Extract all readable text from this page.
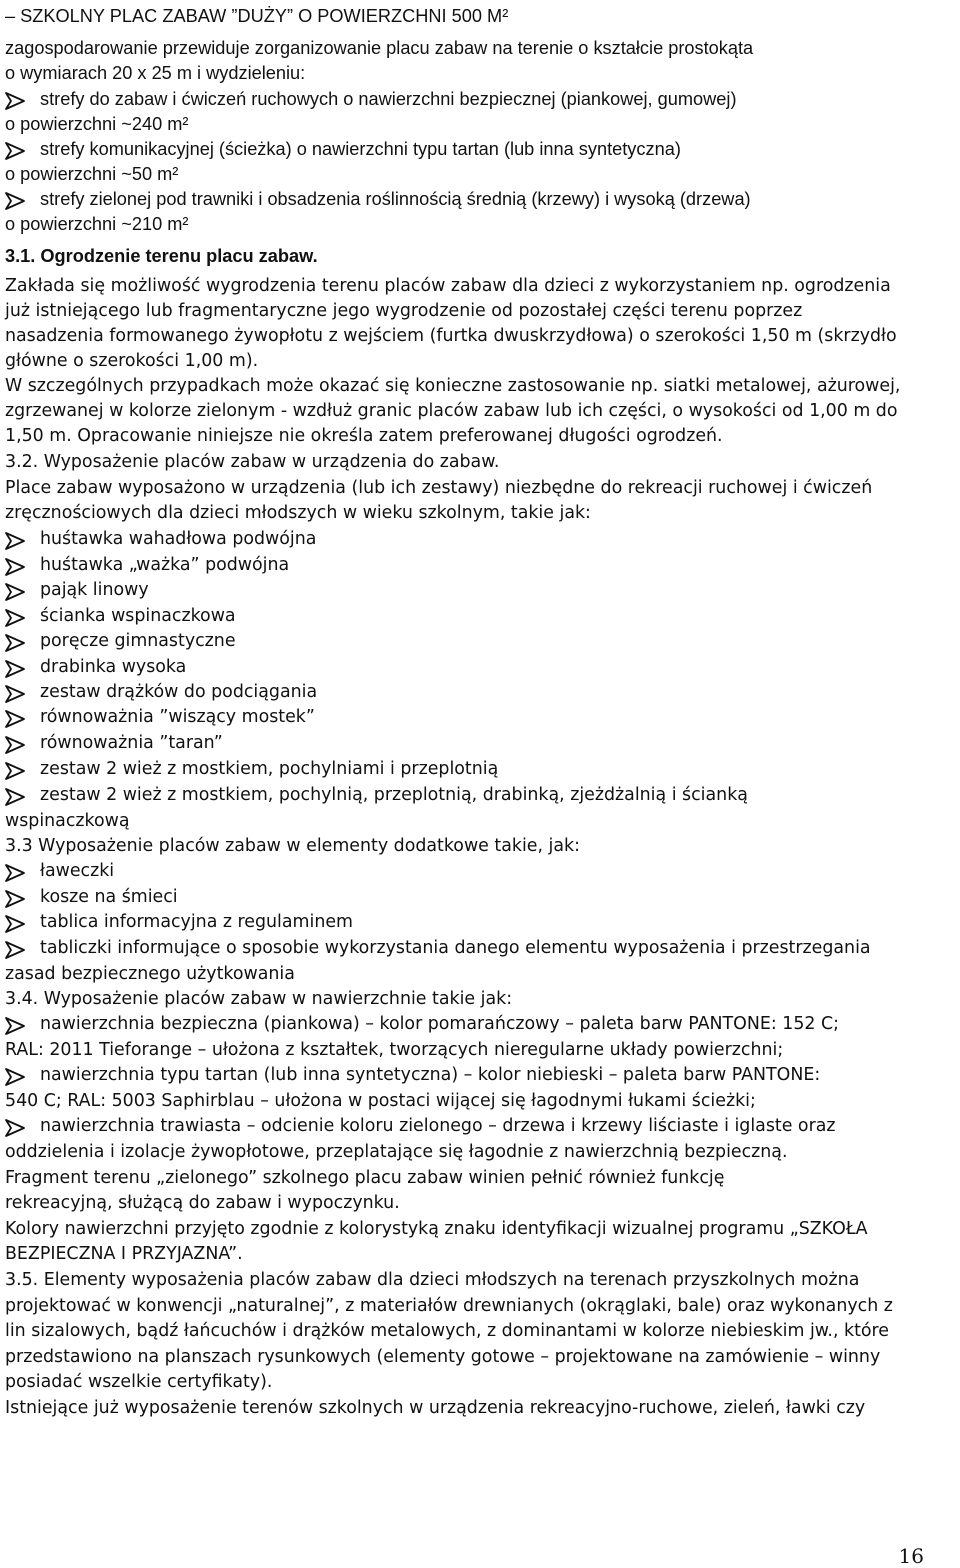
– SZKOLNY PLAC ZABAW ”DUŻY” O POWIERZCHNI 500 M²
zagospodarowanie przewiduje zorganizowanie placu zabaw na terenie o kształcie prostokąta
o wymiarach 20 x 25 m i wydzieleniu:
strefy do zabaw i ćwiczeń ruchowych o nawierzchni bezpiecznej (piankowej, gumowej)
o powierzchni ~240 m²
strefy komunikacyjnej (ścieżka) o nawierzchni typu tartan (lub inna syntetyczna)
o powierzchni ~50 m²
strefy zielonej pod trawniki i obsadzenia roślinnością średnią (krzewy) i wysoką (drzewa)
o powierzchni ~210 m²
3.1. Ogrodzenie terenu placu zabaw.
Zakłada się możliwość wygrodzenia terenu placów zabaw dla dzieci z wykorzystaniem np. ogrodzenia
już istniejącego lub fragmentaryczne jego wygrodzenie od pozostałej części terenu poprzez
nasadzenia formowanego żywopłotu z wejściem (furtka dwuskrzydłowa) o szerokości 1,50 m (skrzydło
główne o szerokości 1,00 m).
W szczególnych przypadkach może okazać się konieczne zastosowanie np. siatki metalowej, ażurowej,
zgrzewanej w kolorze zielonym - wzdłuż granic placów zabaw lub ich części, o wysokości od 1,00 m do
1,50 m. Opracowanie niniejsze nie określa zatem preferowanej długości ogrodzeń.
3.2. Wyposażenie placów zabaw w urządzenia do zabaw.
Place zabaw wyposażono w urządzenia (lub ich zestawy) niezbędne do rekreacji ruchowej i ćwiczeń
zręcznościowych dla dzieci młodszych w wieku szkolnym, takie jak:
huśtawka wahadłowa podwójna
huśtawka „ważka” podwójna
pająk linowy
ścianka wspinaczkowa
poręcze gimnastyczne
drabinka wysoka
zestaw drążków do podciągania
równoważnia ”wiszący mostek”
równoważnia ”taran”
zestaw 2 wież z mostkiem, pochylniami i przeplotnią
zestaw 2 wież z mostkiem, pochylnią, przeplotnią, drabinką, zjeżdżalnią i ścianką
wspinaczkową
3.3 Wyposażenie placów zabaw w elementy dodatkowe takie, jak:
ławeczki
kosze na śmieci
tablica informacyjna z regulaminem
tabliczki informujące o sposobie wykorzystania danego elementu wyposażenia i przestrzegania
zasad bezpiecznego użytkowania
3.4. Wyposażenie placów zabaw w nawierzchnie takie jak:
nawierzchnia bezpieczna (piankowa) – kolor pomarańczowy – paleta barw PANTONE: 152 C;
RAL: 2011 Tieforange – ułożona z kształtek, tworzących nieregularne układy powierzchni;
nawierzchnia typu tartan (lub inna syntetyczna) – kolor niebieski – paleta barw PANTONE:
540 C; RAL: 5003 Saphirblau – ułożona w postaci wijącej się łagodnymi łukami ścieżki;
nawierzchnia trawiasta – odcienie koloru zielonego – drzewa i krzewy liściaste i iglaste oraz
oddzielenia i izolacje żywopłotowe, przeplatające się łagodnie z nawierzchnią bezpieczną.
Fragment terenu „zielonego” szkolnego placu zabaw winien pełnić również funkcję
rekreacyjną, służącą do zabaw i wypoczynku.
Kolory nawierzchni przyjęto zgodnie z kolorystyką znaku identyfikacji wizualnej programu „SZKOŁA
BEZPIECZNA I PRZYJAZNA”.
3.5. Elementy wyposażenia placów zabaw dla dzieci młodszych na terenach przyszkolnych można
projektować w konwencji „naturalnej”, z materiałów drewnianych (okrąglaki, bale) oraz wykonanych z
lin sizalowych, bądź łańcuchów i drążków metalowych, z dominantami w kolorze niebieskim jw., które
przedstawiono na planszach rysunkowych (elementy gotowe – projektowane na zamówienie – winny
posiadać wszelkie certyfikaty).
Istniejące już wyposażenie terenów szkolnych w urządzenia rekreacyjno-ruchowe, zieleń, ławki czy
16
